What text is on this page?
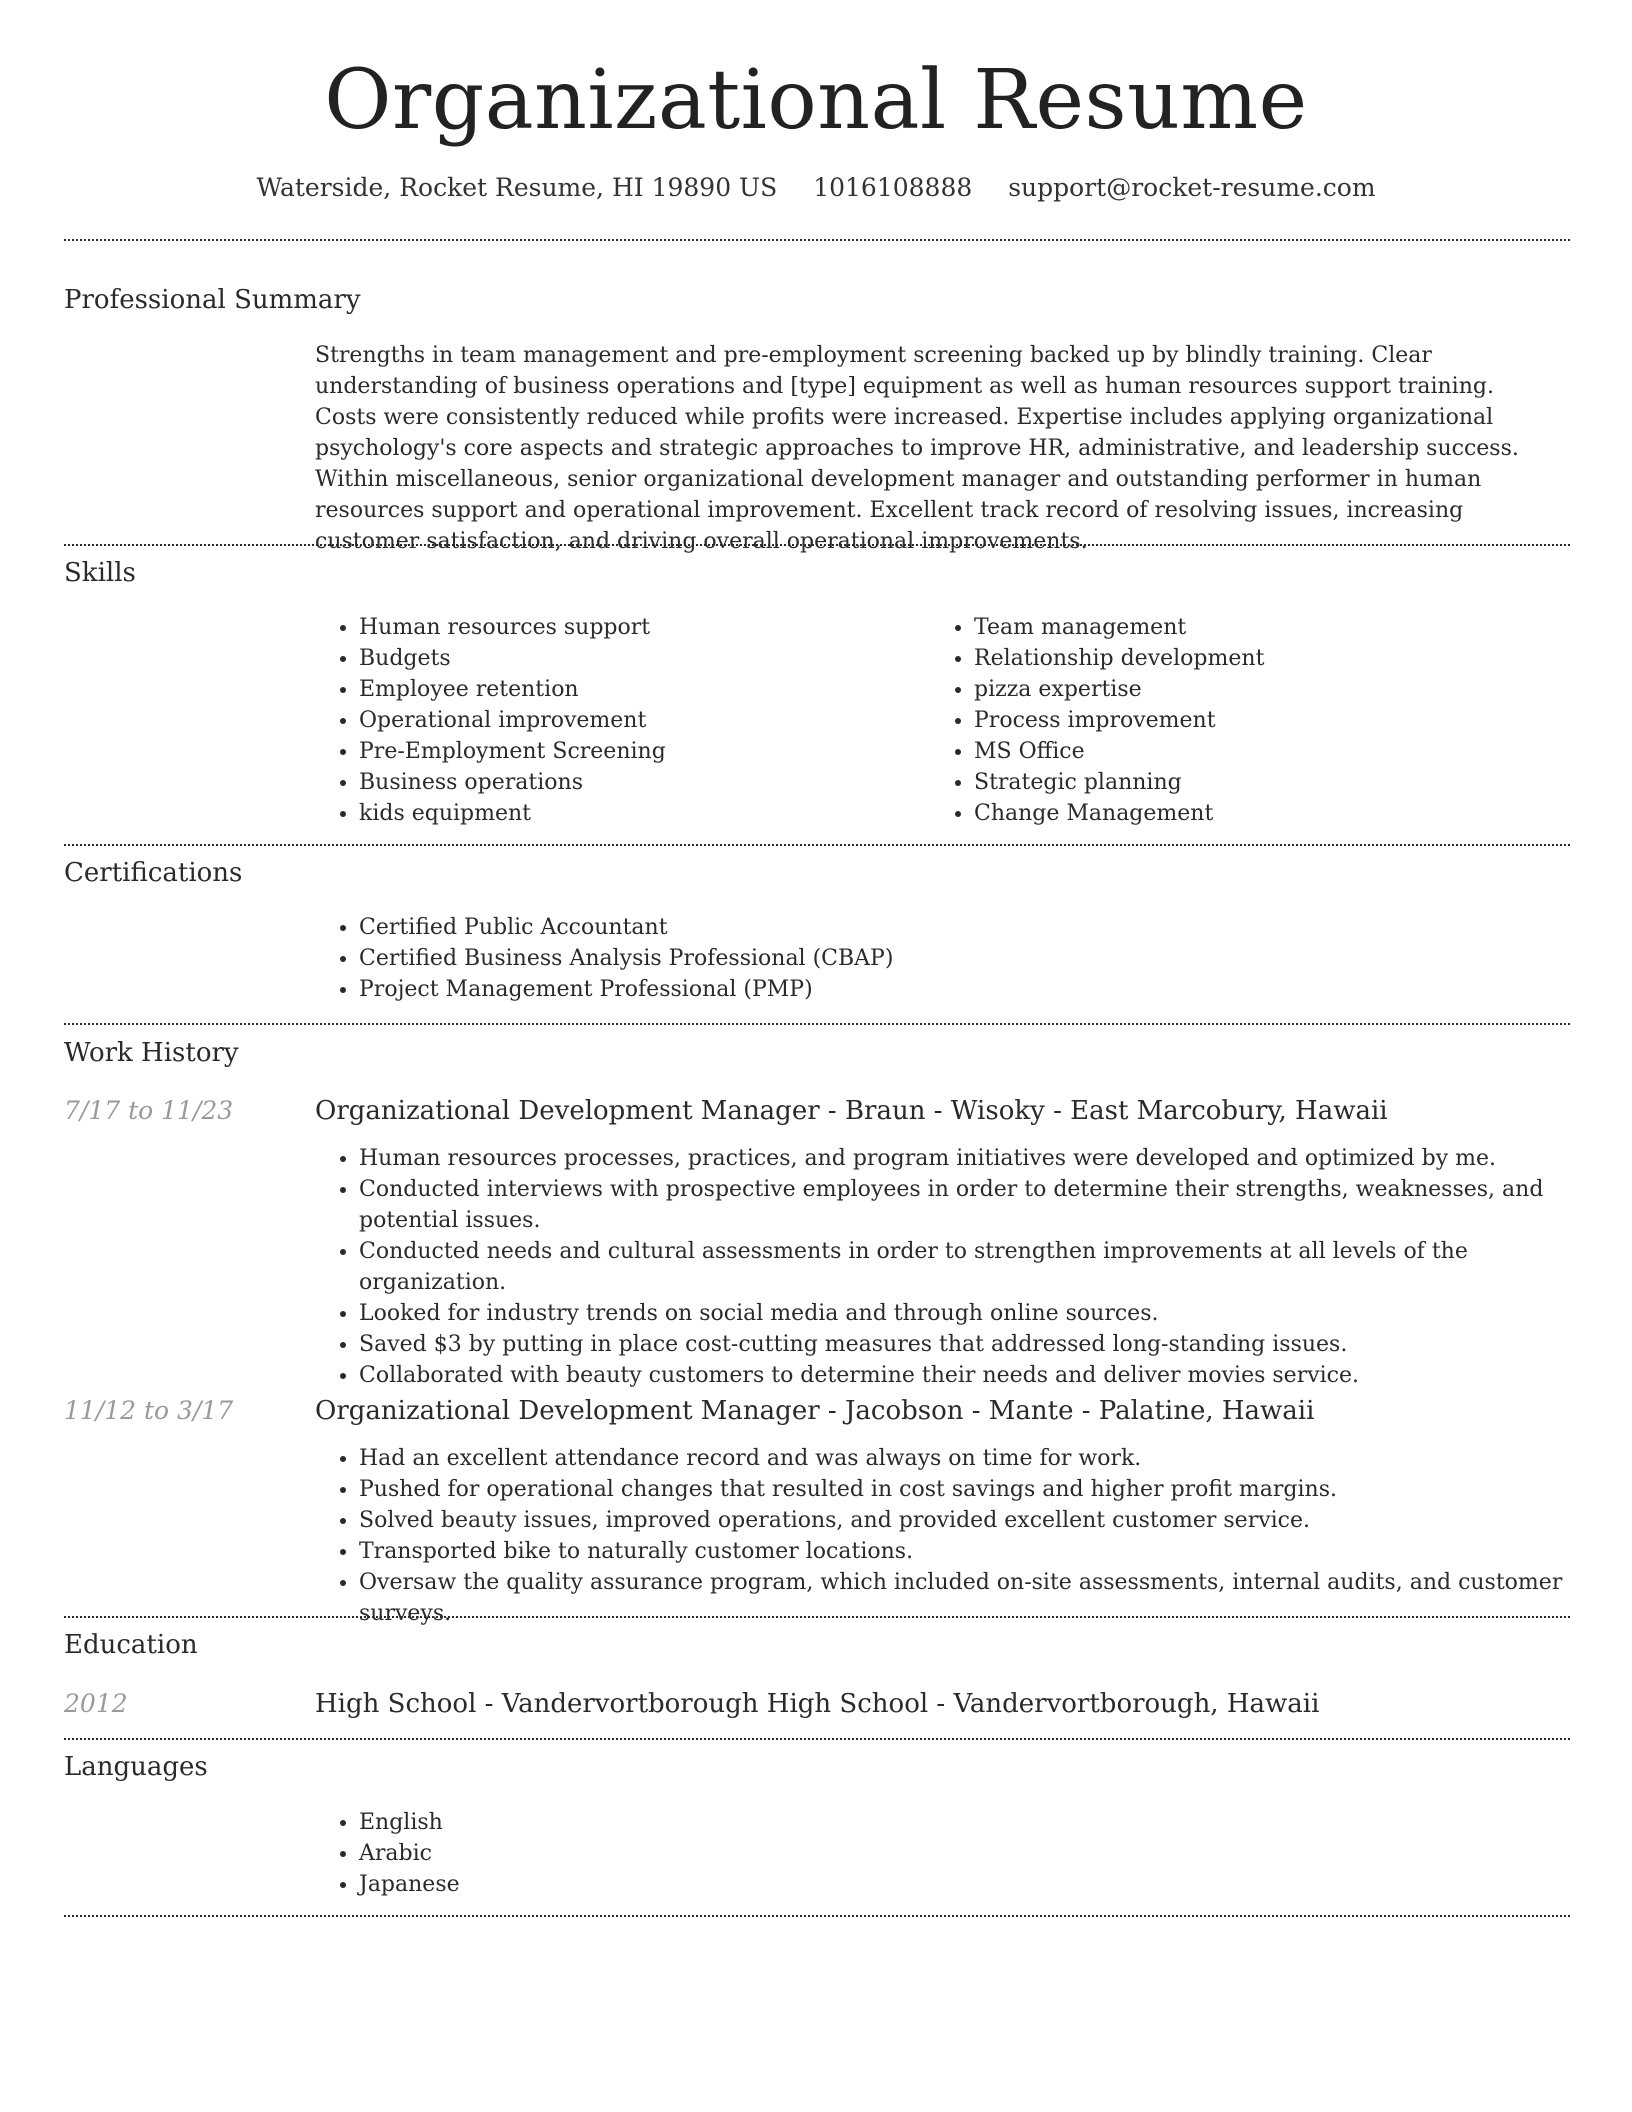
Organizational Resume
Waterside, Rocket Resume, HI 19890 US 1016108888 support@rocket-resume.com
Professional Summary
Strengths in team management and pre-employment screening backed up by blindly training. Clear understanding of business operations and [type] equipment as well as human resources support training. Costs were consistently reduced while profits were increased. Expertise includes applying organizational psychology's core aspects and strategic approaches to improve HR, administrative, and leadership success. Within miscellaneous, senior organizational development manager and outstanding performer in human resources support and operational improvement. Excellent track record of resolving issues, increasing customer satisfaction, and driving overall operational improvements.
Skills
• Human resources support
• Budgets
• Employee retention
• Operational improvement
• Pre-Employment Screening
• Business operations
• kids equipment
• Team management
• Relationship development
• pizza expertise
• Process improvement
• MS Office
• Strategic planning
• Change Management
Certifications
• Certified Public Accountant
• Certified Business Analysis Professional (CBAP)
• Project Management Professional (PMP)
Work History
7/17 to 11/23	Organizational Development Manager - Braun - Wisoky - East Marcobury, Hawaii
• Human resources processes, practices, and program initiatives were developed and optimized by me.
• Conducted interviews with prospective employees in order to determine their strengths, weaknesses, and potential issues.
• Conducted needs and cultural assessments in order to strengthen improvements at all levels of the organization.
• Looked for industry trends on social media and through online sources.
• Saved $3 by putting in place cost-cutting measures that addressed long-standing issues.
• Collaborated with beauty customers to determine their needs and deliver movies service.
11/12 to 3/17	Organizational Development Manager - Jacobson - Mante - Palatine, Hawaii
• Had an excellent attendance record and was always on time for work.
• Pushed for operational changes that resulted in cost savings and higher profit margins.
• Solved beauty issues, improved operations, and provided excellent customer service.
• Transported bike to naturally customer locations.
• Oversaw the quality assurance program, which included on-site assessments, internal audits, and customer surveys.
Education
2012	High School - Vandervortborough High School - Vandervortborough, Hawaii
Languages
• English
• Arabic
• Japanese
